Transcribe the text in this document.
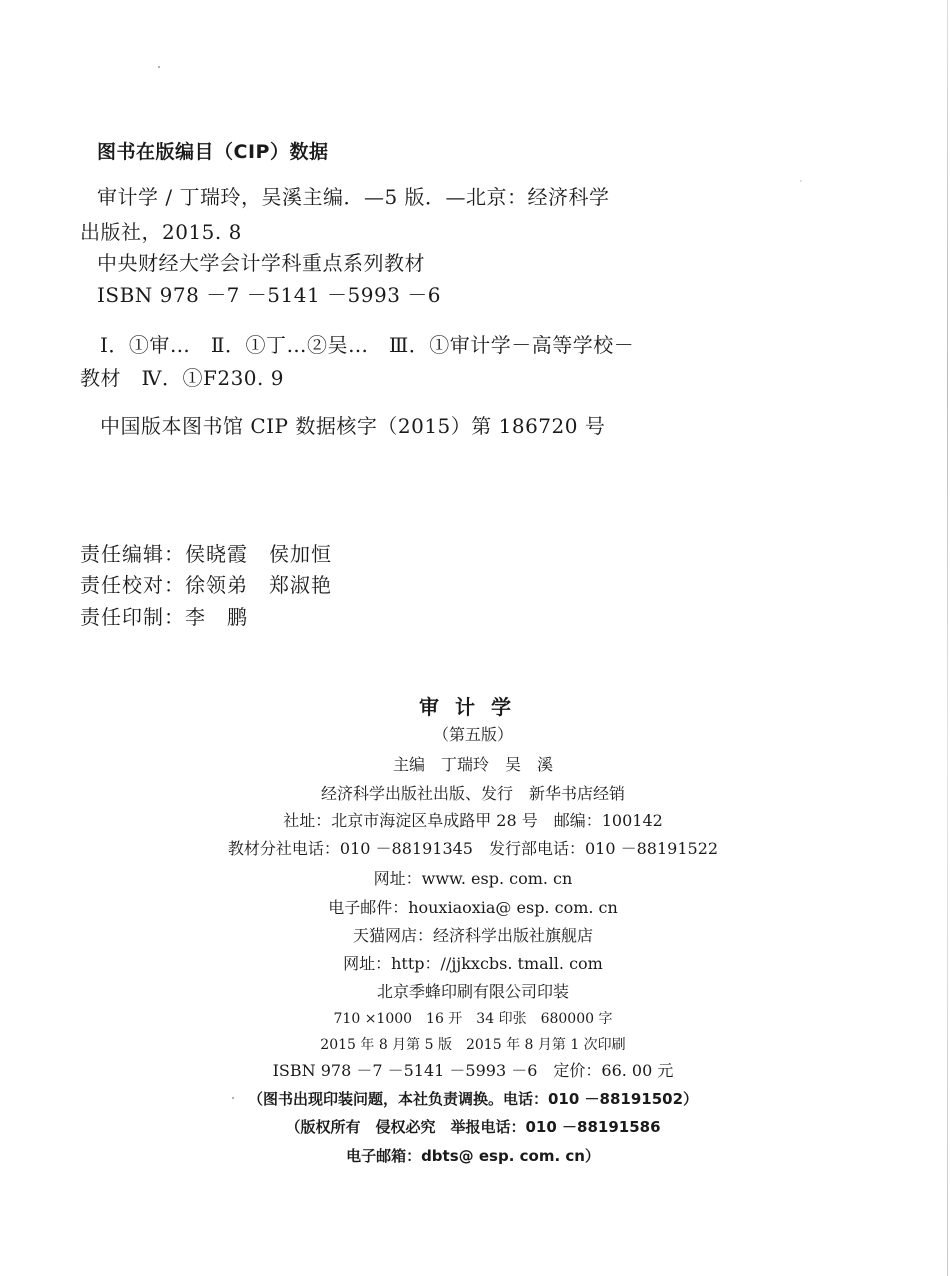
图书在版编目（CIP）数据
审计学 / 丁瑞玲，吴溪主编．—5 版．—北京：经济科学
出版社，2015. 8
中央财经大学会计学科重点系列教材
ISBN 978 －7 －5141 －5993 －6
Ⅰ．①审…　Ⅱ．①丁…②吴…　Ⅲ．①审计学－高等学校－
教材　Ⅳ．①F230. 9
中国版本图书馆 CIP 数据核字（2015）第 186720 号
责任编辑：侯晓霞　侯加恒
责任校对：徐领弟　郑淑艳
责任印制：李　鹏
审计学
（第五版）
主编　丁瑞玲　吴　溪
经济科学出版社出版、发行　新华书店经销
社址：北京市海淀区阜成路甲 28 号　邮编：100142
教材分社电话：010 －88191345　发行部电话：010 －88191522
网址：www. esp. com. cn
电子邮件：houxiaoxia@ esp. com. cn
天猫网店：经济科学出版社旗舰店
网址：http：//jjkxcbs. tmall. com
北京季蜂印刷有限公司印装
710 ×1000　16 开　34 印张　680000 字
2015 年 8 月第 5 版　2015 年 8 月第 1 次印刷
ISBN 978 －7 －5141 －5993 －6　定价：66. 00 元
（图书出现印装问题，本社负责调换。电话：010 －88191502）
（版权所有　侵权必究　举报电话：010 －88191586
电子邮箱：dbts@ esp. com. cn）
